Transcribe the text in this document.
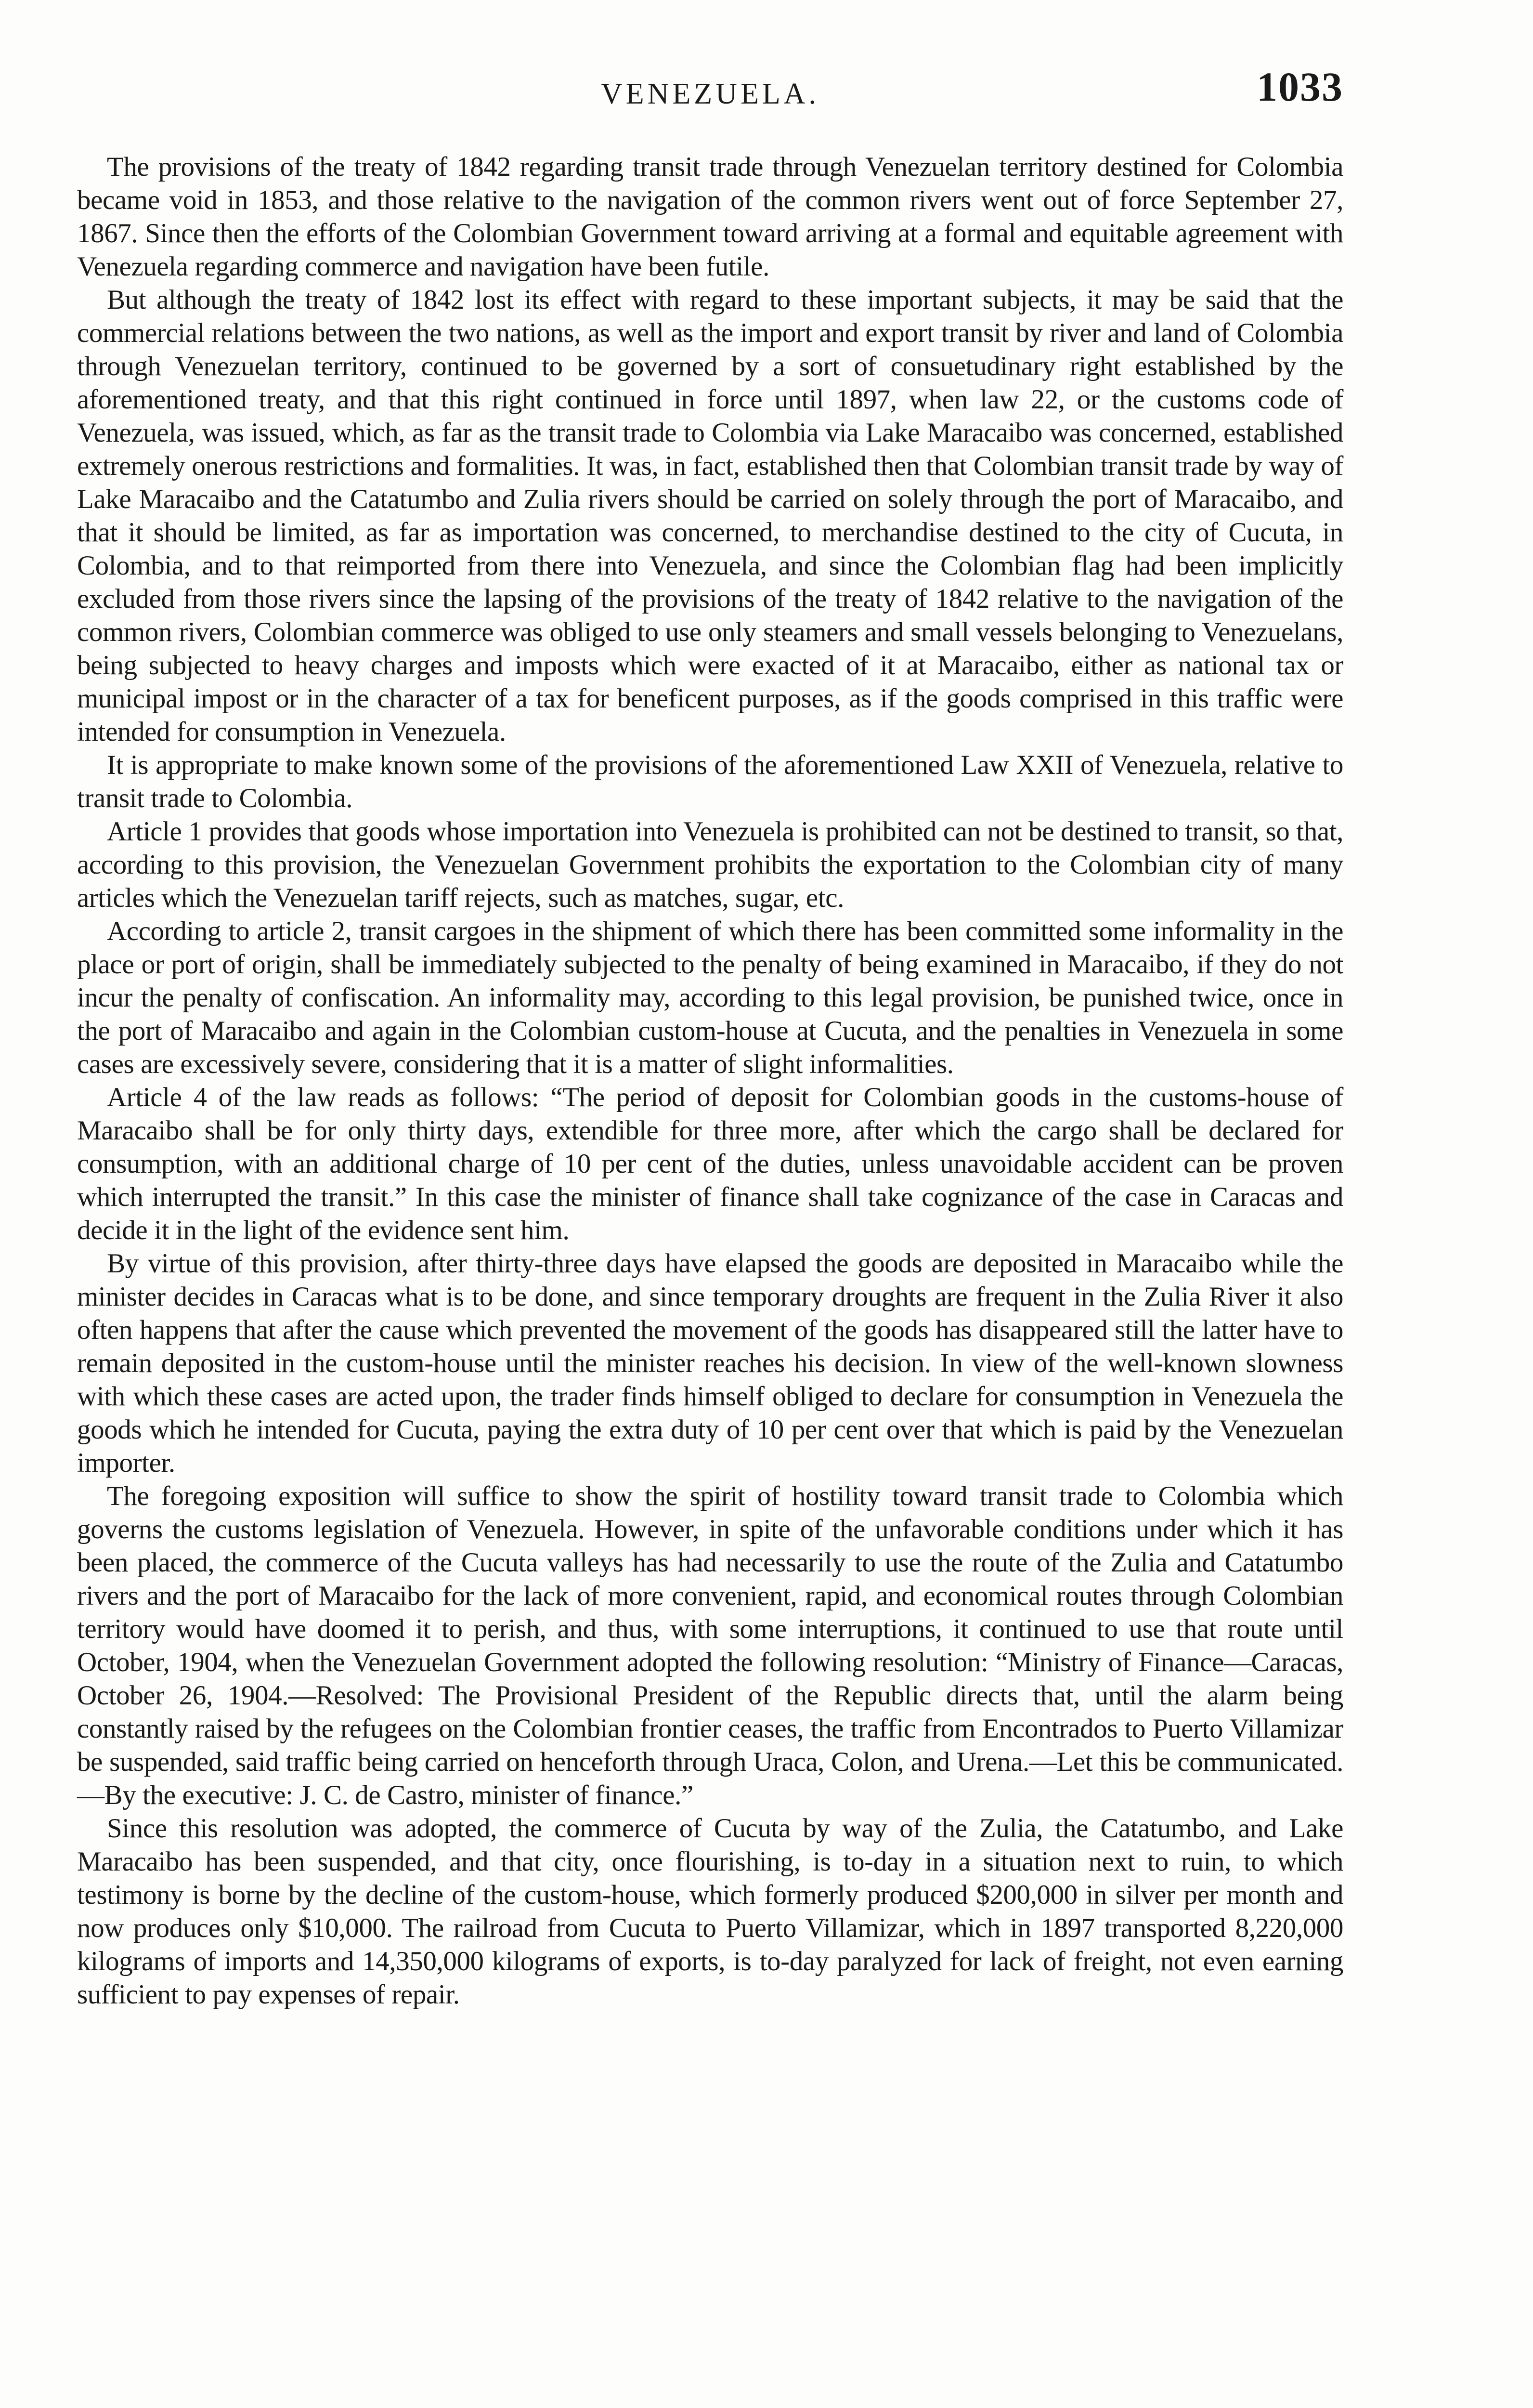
VENEZUELA.	1033

The provisions of the treaty of 1842 regarding transit trade through Venezuelan territory destined for Colombia became void in 1853, and those relative to the navigation of the common rivers went out of force September 27, 1867. Since then the efforts of the Colombian Government toward arriving at a formal and equitable agreement with Venezuela regarding commerce and navigation have been futile.

But although the treaty of 1842 lost its effect with regard to these important subjects, it may be said that the commercial relations between the two nations, as well as the import and export transit by river and land of Colombia through Venezuelan territory, continued to be governed by a sort of consuetudinary right established by the aforementioned treaty, and that this right continued in force until 1897, when law 22, or the customs code of Venezuela, was issued, which, as far as the transit trade to Colombia via Lake Maracaibo was concerned, established extremely onerous restrictions and formalities. It was, in fact, established then that Colombian transit trade by way of Lake Maracaibo and the Catatumbo and Zulia rivers should be carried on solely through the port of Maracaibo, and that it should be limited, as far as importation was concerned, to merchandise destined to the city of Cucuta, in Colombia, and to that reimported from there into Venezuela, and since the Colombian flag had been implicitly excluded from those rivers since the lapsing of the provisions of the treaty of 1842 relative to the navigation of the common rivers, Colombian commerce was obliged to use only steamers and small vessels belonging to Venezuelans, being subjected to heavy charges and imposts which were exacted of it at Maracaibo, either as national tax or municipal impost or in the character of a tax for beneficent purposes, as if the goods comprised in this traffic were intended for consumption in Venezuela.

It is appropriate to make known some of the provisions of the aforementioned Law XXII of Venezuela, relative to transit trade to Colombia.

Article 1 provides that goods whose importation into Venezuela is prohibited can not be destined to transit, so that, according to this provision, the Venezuelan Government prohibits the exportation to the Colombian city of many articles which the Venezuelan tariff rejects, such as matches, sugar, etc.

According to article 2, transit cargoes in the shipment of which there has been committed some informality in the place or port of origin, shall be immediately subjected to the penalty of being examined in Maracaibo, if they do not incur the penalty of confiscation. An informality may, according to this legal provision, be punished twice, once in the port of Maracaibo and again in the Colombian custom-house at Cucuta, and the penalties in Venezuela in some cases are excessively severe, considering that it is a matter of slight informalities.

Article 4 of the law reads as follows: “The period of deposit for Colombian goods in the customs-house of Maracaibo shall be for only thirty days, extendible for three more, after which the cargo shall be declared for consumption, with an additional charge of 10 per cent of the duties, unless unavoidable accident can be proven which interrupted the transit.” In this case the minister of finance shall take cognizance of the case in Caracas and decide it in the light of the evidence sent him.

By virtue of this provision, after thirty-three days have elapsed the goods are deposited in Maracaibo while the minister decides in Caracas what is to be done, and since temporary droughts are frequent in the Zulia River it also often happens that after the cause which prevented the movement of the goods has disappeared still the latter have to remain deposited in the custom-house until the minister reaches his decision. In view of the well-known slowness with which these cases are acted upon, the trader finds himself obliged to declare for consumption in Venezuela the goods which he intended for Cucuta, paying the extra duty of 10 per cent over that which is paid by the Venezuelan importer.

The foregoing exposition will suffice to show the spirit of hostility toward transit trade to Colombia which governs the customs legislation of Venezuela. However, in spite of the unfavorable conditions under which it has been placed, the commerce of the Cucuta valleys has had necessarily to use the route of the Zulia and Catatumbo rivers and the port of Maracaibo for the lack of more convenient, rapid, and economical routes through Colombian territory would have doomed it to perish, and thus, with some interruptions, it continued to use that route until October, 1904, when the Venezuelan Government adopted the following resolution: “Ministry of Finance—Caracas, October 26, 1904.—Resolved: The Provisional President of the Republic directs that, until the alarm being constantly raised by the refugees on the Colombian frontier ceases, the traffic from Encontrados to Puerto Villamizar be suspended, said traffic being carried on henceforth through Uraca, Colon, and Urena.—Let this be communicated.—By the executive: J. C. de Castro, minister of finance.”

Since this resolution was adopted, the commerce of Cucuta by way of the Zulia, the Catatumbo, and Lake Maracaibo has been suspended, and that city, once flourishing, is to-day in a situation next to ruin, to which testimony is borne by the decline of the custom-house, which formerly produced $200,000 in silver per month and now produces only $10,000. The railroad from Cucuta to Puerto Villamizar, which in 1897 transported 8,220,000 kilograms of imports and 14,350,000 kilograms of exports, is to-day paralyzed for lack of freight, not even earning sufficient to pay expenses of repair.
